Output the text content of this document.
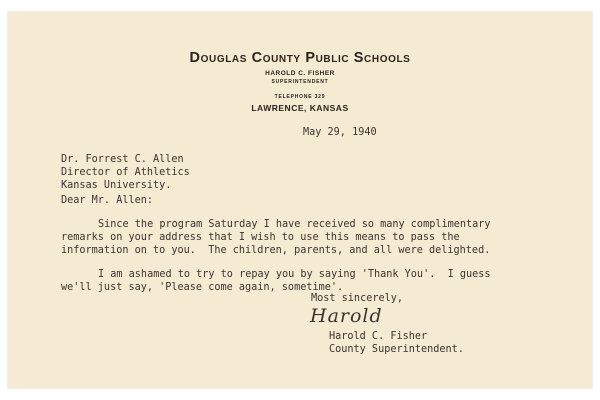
Douglas County Public Schools
HAROLD C. FISHER
SUPERINTENDENT
TELEPHONE 329
LAWRENCE, KANSAS
May 29, 1940
Dr. Forrest C. Allen
Director of Athletics
Kansas University.
Dear Mr. Allen:
Since the program Saturday I have received so many complimentary
remarks on your address that I wish to use this means to pass the
information on to you.  The children, parents, and all were delighted.
I am ashamed to try to repay you by saying 'Thank You'.  I guess
we'll just say, 'Please come again, sometime'.
Most sincerely,
Harold
Harold C. Fisher
County Superintendent.
